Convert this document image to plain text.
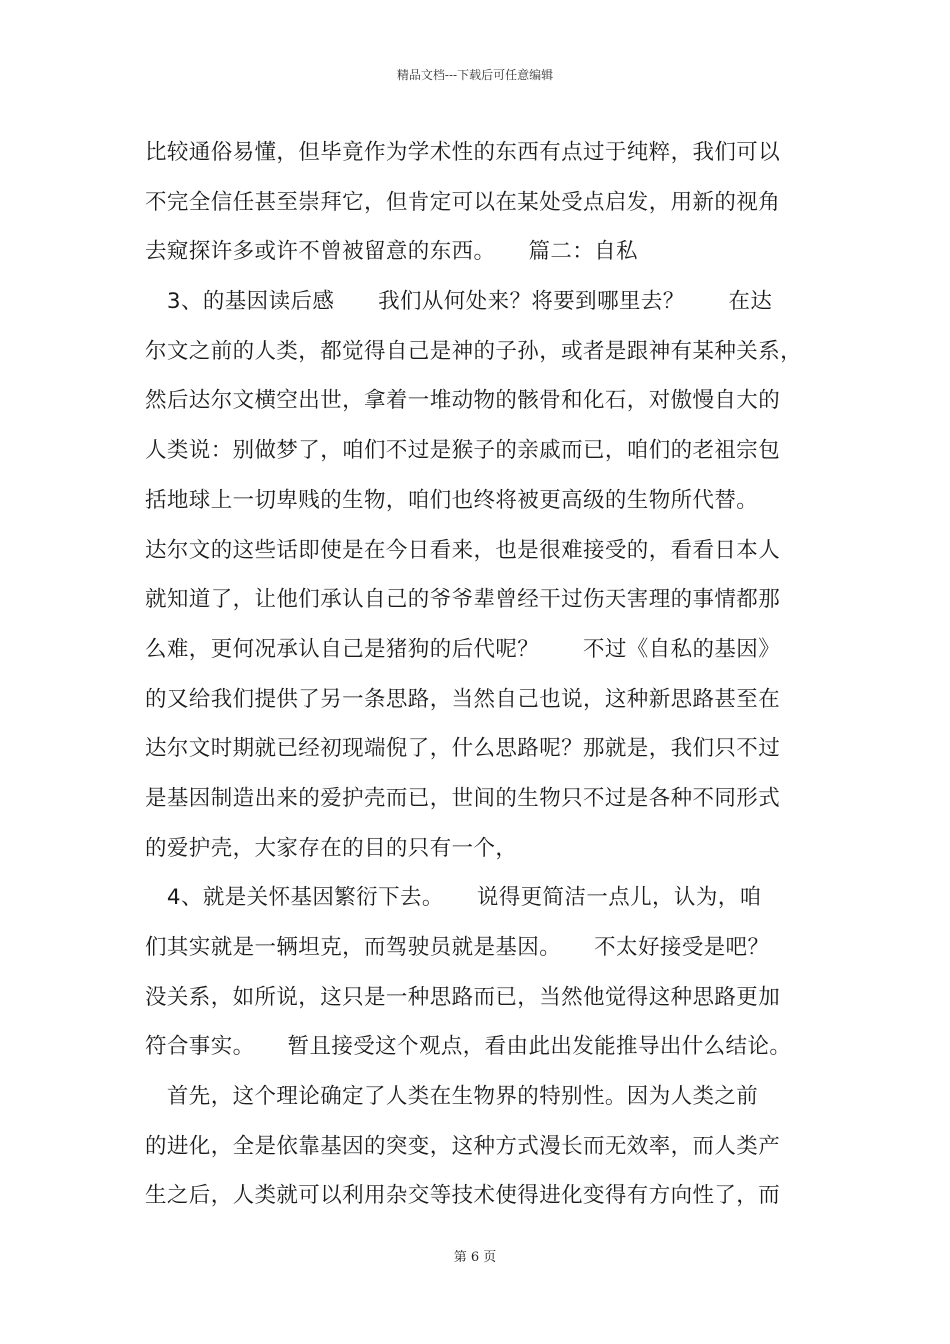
精品文档---下载后可任意编辑
比较通俗易懂，但毕竟作为学术性的东西有点过于纯粹，我们可以
不完全信任甚至崇拜它，但肯定可以在某处受点启发，用新的视角
去窥探许多或许不曾被留意的东西。　　篇二：自私
　3、的基因读后感　　我们从何处来？将要到哪里去？　　在达
尔文之前的人类，都觉得自己是神的子孙，或者是跟神有某种关系，
然后达尔文横空出世，拿着一堆动物的骸骨和化石，对傲慢自大的
人类说：别做梦了，咱们不过是猴子的亲戚而已，咱们的老祖宗包
括地球上一切卑贱的生物，咱们也终将被更高级的生物所代替。
达尔文的这些话即使是在今日看来，也是很难接受的，看看日本人
就知道了，让他们承认自己的爷爷辈曾经干过伤天害理的事情都那
么难，更何况承认自己是猪狗的后代呢？　　不过《自私的基因》
的又给我们提供了另一条思路，当然自己也说，这种新思路甚至在
达尔文时期就已经初现端倪了，什么思路呢？那就是，我们只不过
是基因制造出来的爱护壳而已，世间的生物只不过是各种不同形式
的爱护壳，大家存在的目的只有一个，
　4、就是关怀基因繁衍下去。　　说得更简洁一点儿，认为，咱
们其实就是一辆坦克，而驾驶员就是基因。　　不太好接受是吧？
没关系，如所说，这只是一种思路而已，当然他觉得这种思路更加
符合事实。　　暂且接受这个观点，看由此出发能推导出什么结论。
　首先，这个理论确定了人类在生物界的特别性。因为人类之前
的进化，全是依靠基因的突变，这种方式漫长而无效率，而人类产
生之后，人类就可以利用杂交等技术使得进化变得有方向性了，而
第 6 页
